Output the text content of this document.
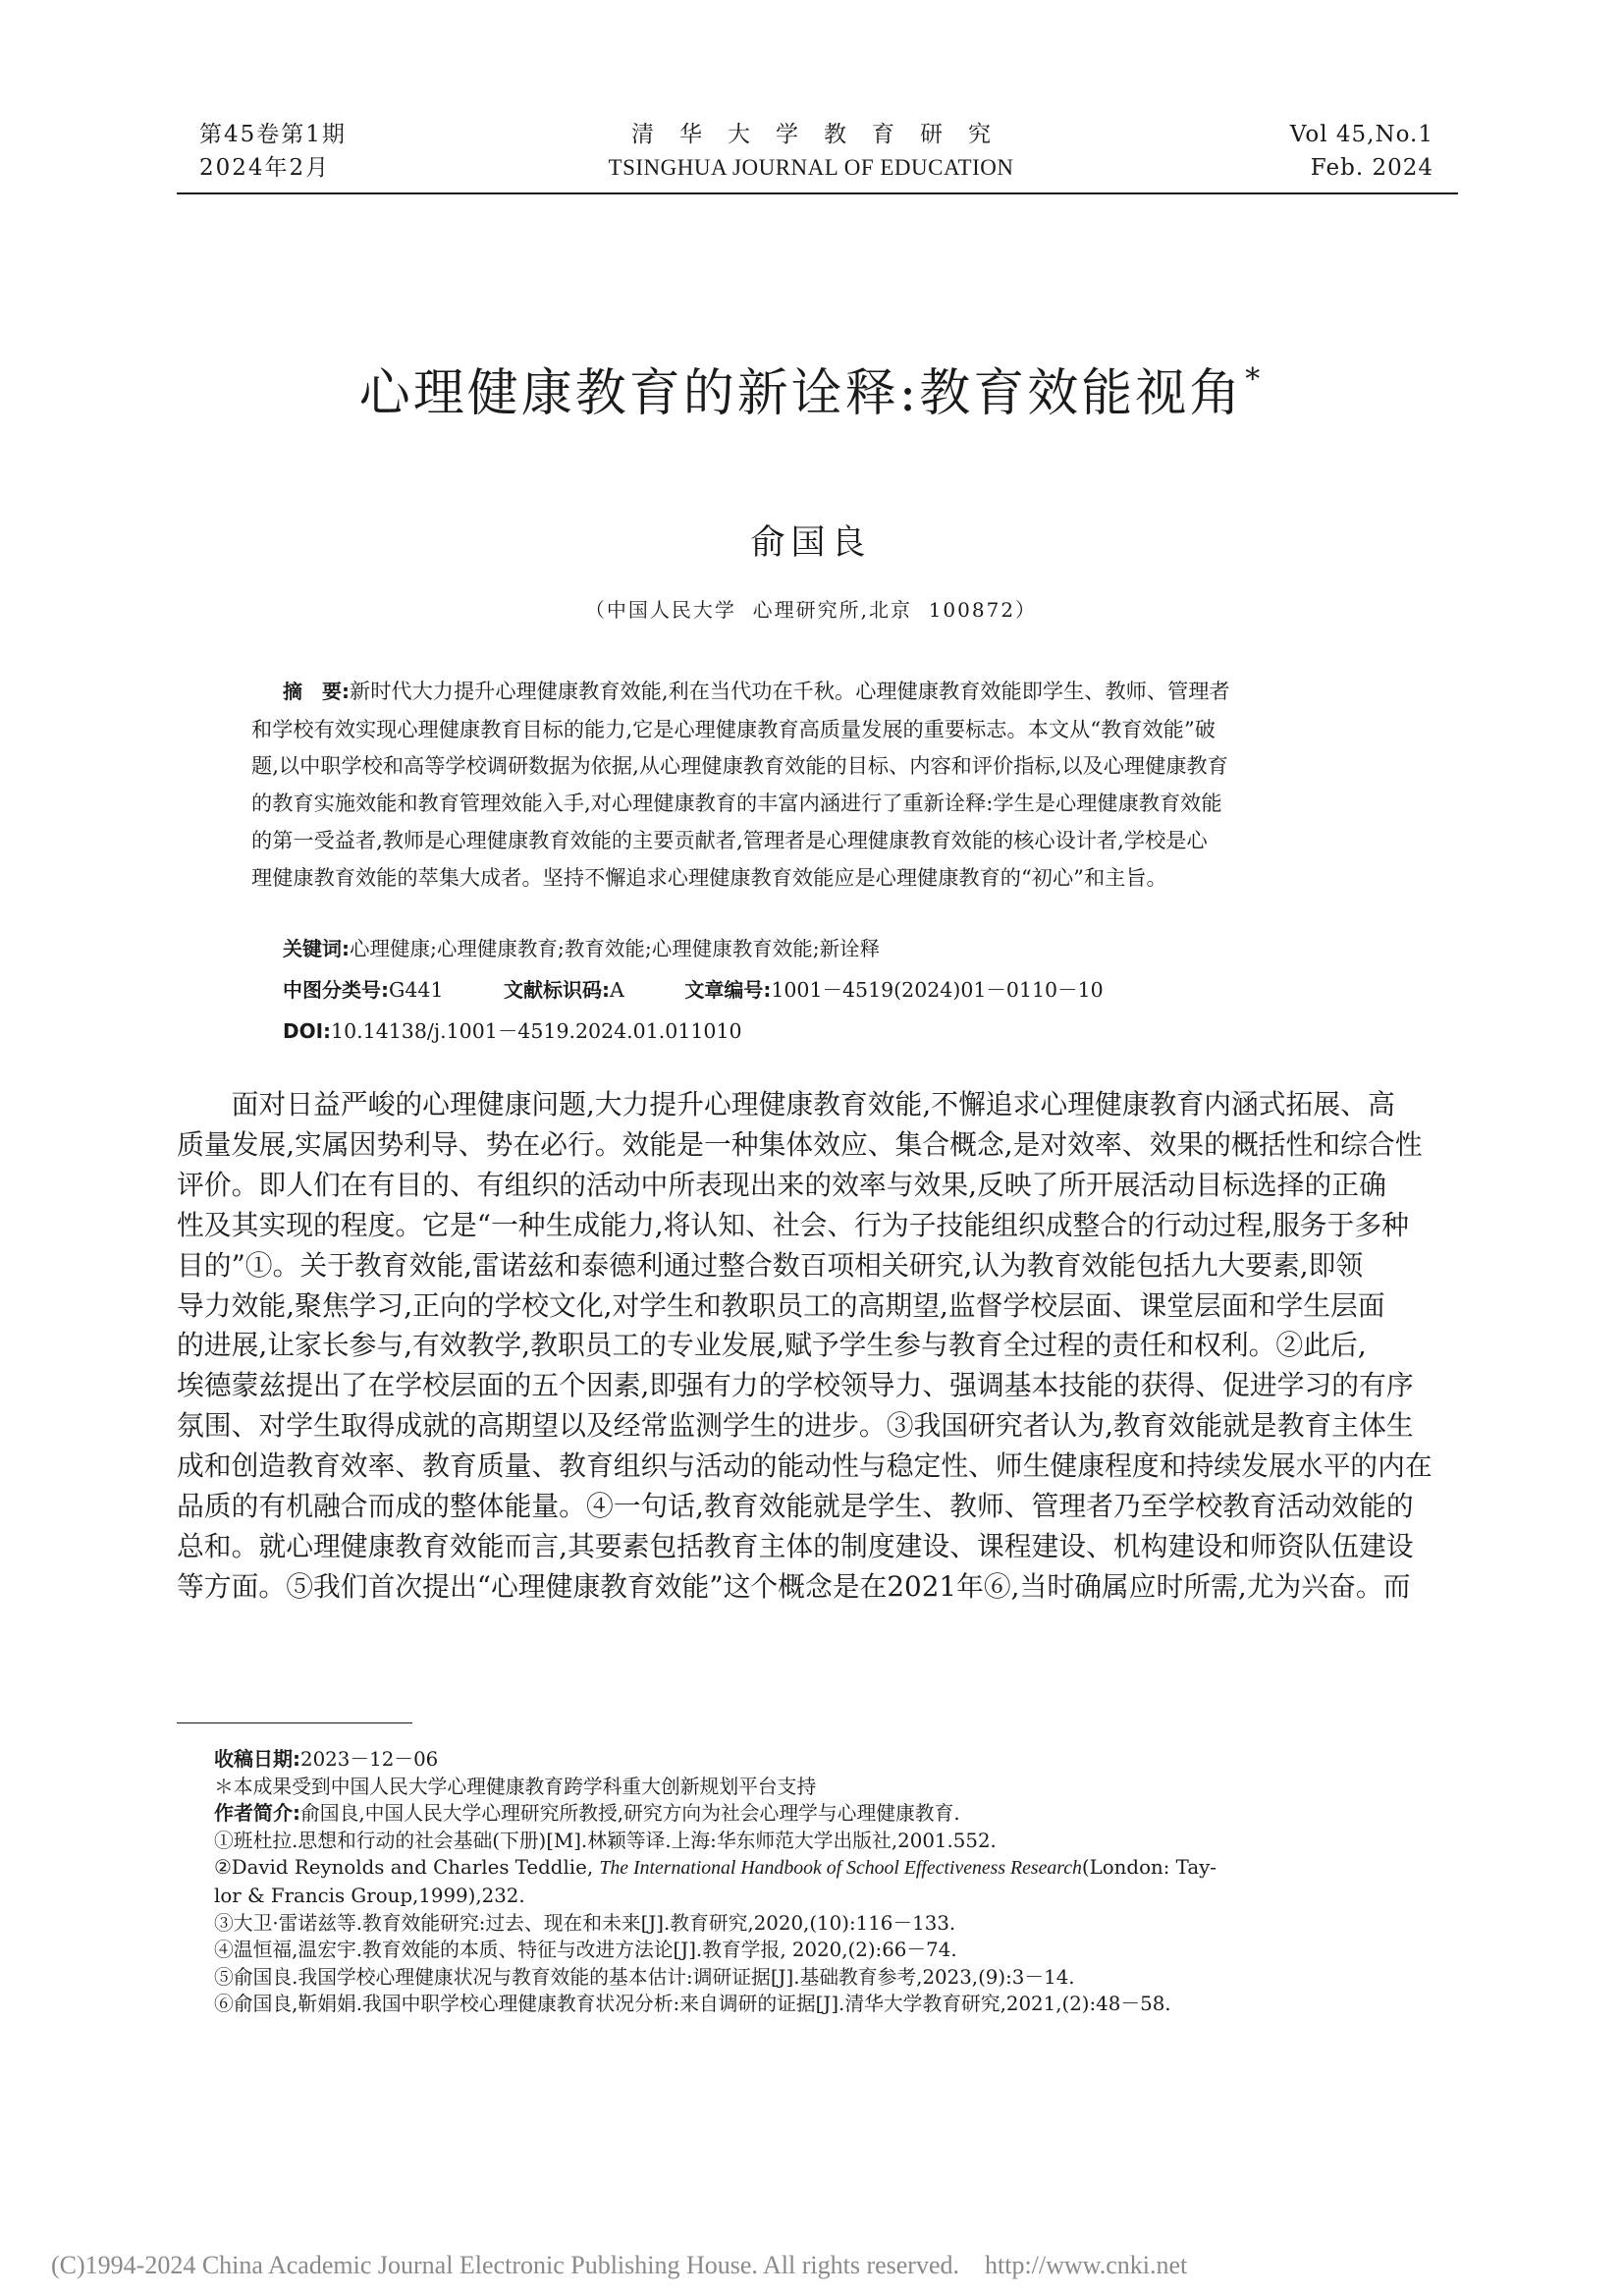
第45卷第1期
2024年2月
清华大学教育研究
TSINGHUA JOURNAL OF EDUCATION
Vol 45,No.1
Feb. 2024
心理健康教育的新诠释:教育效能视角*
俞国良
（中国人民大学  心理研究所,北京  100872）

摘　要:新时代大力提升心理健康教育效能,利在当代功在千秋。心理健康教育效能即学生、教师、管理者

和学校有效实现心理健康教育目标的能力,它是心理健康教育高质量发展的重要标志。本文从“教育效能”破

题,以中职学校和高等学校调研数据为依据,从心理健康教育效能的目标、内容和评价指标,以及心理健康教育

的教育实施效能和教育管理效能入手,对心理健康教育的丰富内涵进行了重新诠释:学生是心理健康教育效能

的第一受益者,教师是心理健康教育效能的主要贡献者,管理者是心理健康教育效能的核心设计者,学校是心

理健康教育效能的萃集大成者。坚持不懈追求心理健康教育效能应是心理健康教育的“初心”和主旨。

关键词:心理健康;心理健康教育;教育效能;心理健康教育效能;新诠释
中图分类号:G441　　　	文献标识码:A　　　	文章编号:1001－4519(2024)01－0110－10
DOI:10.14138/j.1001－4519.2024.01.011010

　　面对日益严峻的心理健康问题,大力提升心理健康教育效能,不懈追求心理健康教育内涵式拓展、高

质量发展,实属因势利导、势在必行。效能是一种集体效应、集合概念,是对效率、效果的概括性和综合性

评价。即人们在有目的、有组织的活动中所表现出来的效率与效果,反映了所开展活动目标选择的正确

性及其实现的程度。它是“一种生成能力,将认知、社会、行为子技能组织成整合的行动过程,服务于多种

目的”①。关于教育效能,雷诺兹和泰德利通过整合数百项相关研究,认为教育效能包括九大要素,即领

导力效能,聚焦学习,正向的学校文化,对学生和教职员工的高期望,监督学校层面、课堂层面和学生层面

的进展,让家长参与,有效教学,教职员工的专业发展,赋予学生参与教育全过程的责任和权利。②此后,

埃德蒙兹提出了在学校层面的五个因素,即强有力的学校领导力、强调基本技能的获得、促进学习的有序

氛围、对学生取得成就的高期望以及经常监测学生的进步。③我国研究者认为,教育效能就是教育主体生

成和创造教育效率、教育质量、教育组织与活动的能动性与稳定性、师生健康程度和持续发展水平的内在

品质的有机融合而成的整体能量。④一句话,教育效能就是学生、教师、管理者乃至学校教育活动效能的

总和。就心理健康教育效能而言,其要素包括教育主体的制度建设、课程建设、机构建设和师资队伍建设

等方面。⑤我们首次提出“心理健康教育效能”这个概念是在2021年⑥,当时确属应时所需,尤为兴奋。而

收稿日期:2023－12－06
＊本成果受到中国人民大学心理健康教育跨学科重大创新规划平台支持
作者简介:俞国良,中国人民大学心理研究所教授,研究方向为社会心理学与心理健康教育.
①班杜拉.思想和行动的社会基础(下册)[M].林颖等译.上海:华东师范大学出版社,2001.552.
②David Reynolds and Charles Teddlie, The International Handbook of School Effectiveness Research(London: Tay-
lor & Francis Group,1999),232.
③大卫·雷诺兹等.教育效能研究:过去、现在和未来[J].教育研究,2020,(10):116－133.
④温恒福,温宏宇.教育效能的本质、特征与改进方法论[J].教育学报, 2020,(2):66－74.
⑤俞国良.我国学校心理健康状况与教育效能的基本估计:调研证据[J].基础教育参考,2023,(9):3－14.
⑥俞国良,靳娟娟.我国中职学校心理健康教育状况分析:来自调研的证据[J].清华大学教育研究,2021,(2):48－58.
(C)1994-2024 China Academic Journal Electronic Publishing House. All rights reserved.    http://www.cnki.net
